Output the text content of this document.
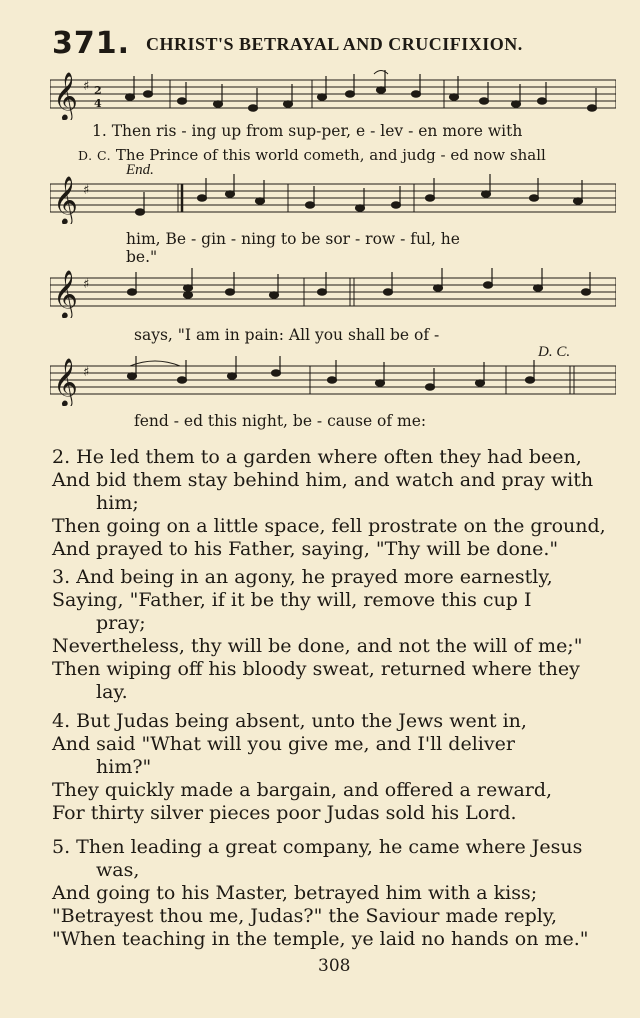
371. CHRIST'S BETRAYAL AND CRUCIFIXION.
𝄞 ♯ 2
4
1. Then ris - ing up from sup-per, e - lev - en more with
D. C. The Prince of this world cometh, and judg - ed now shall
End.
𝄞 ♯
him, Be - gin - ning to be sor - row - ful, he
be."
𝄞 ♯
says, "I am in pain: All you shall be of -
D. C.
𝄞 ♯
fend - ed this night, be - cause of me:
2. He led them to a garden where often they had been,
And bid them stay behind him, and watch and pray with
him;
Then going on a little space, fell prostrate on the ground,
And prayed to his Father, saying, "Thy will be done."
3. And being in an agony, he prayed more earnestly,
Saying, "Father, if it be thy will, remove this cup I
pray;
Nevertheless, thy will be done, and not the will of me;"
Then wiping off his bloody sweat, returned where they
lay.
4. But Judas being absent, unto the Jews went in,
And said "What will you give me, and I'll deliver
him?"
They quickly made a bargain, and offered a reward,
For thirty silver pieces poor Judas sold his Lord.
5. Then leading a great company, he came where Jesus
was,
And going to his Master, betrayed him with a kiss;
"Betrayest thou me, Judas?" the Saviour made reply,
"When teaching in the temple, ye laid no hands on me."
308
